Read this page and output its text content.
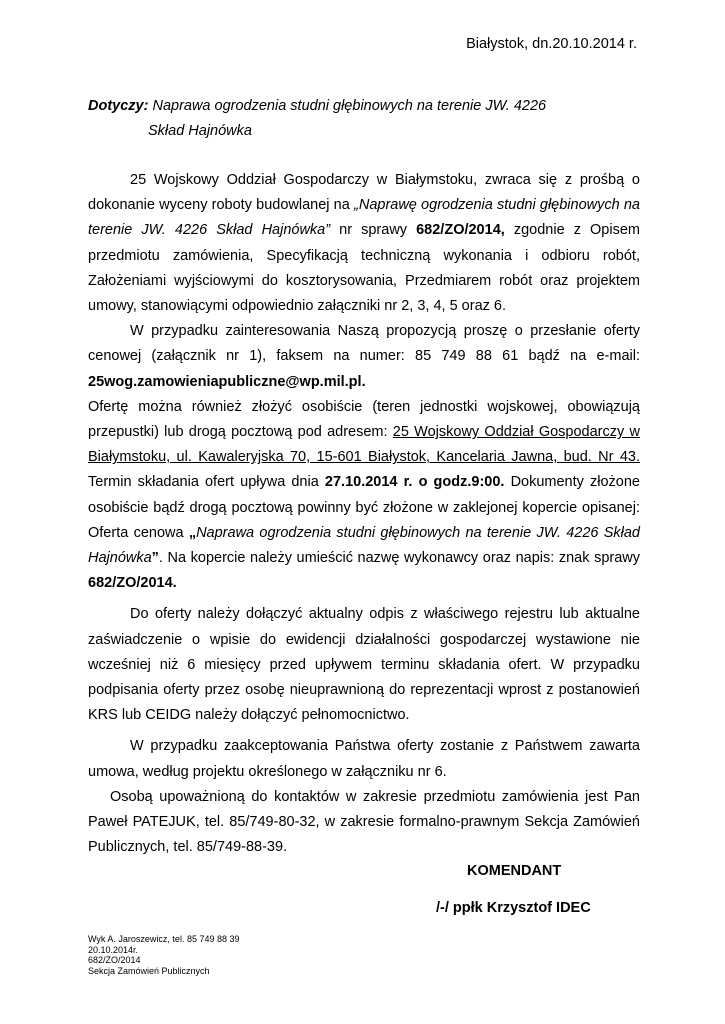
Białystok, dn.20.10.2014 r.
Dotyczy: Naprawa ogrodzenia studni głębinowych na terenie JW. 4226
Skład Hajnówka

25 Wojskowy Oddział Gospodarczy w Białymstoku, zwraca się z prośbą o dokonanie wyceny roboty budowlanej na „Naprawę ogrodzenia studni głębinowych na terenie JW. 4226 Skład Hajnówka” nr sprawy 682/ZO/2014, zgodnie z Opisem przedmiotu zamówienia, Specyfikacją techniczną wykonania i odbioru robót, Założeniami wyjściowymi do kosztorysowania, Przedmiarem robót oraz projektem umowy, stanowiącymi odpowiednio załączniki nr 2, 3, 4, 5 oraz 6.

W przypadku zainteresowania Naszą propozycją proszę o przesłanie oferty cenowej (załącznik nr 1), faksem na numer: 85 749 88 61 bądź na e-mail: 25wog.zamowieniapubliczne@wp.mil.pl.

Ofertę można również złożyć osobiście (teren jednostki wojskowej, obowiązują przepustki) lub drogą pocztową pod adresem: 25 Wojskowy Oddział Gospodarczy w Białymstoku, ul. Kawaleryjska 70, 15-601 Białystok, Kancelaria Jawna, bud. Nr 43. Termin składania ofert upływa dnia 27.10.2014 r. o godz.9:00. Dokumenty złożone osobiście bądź drogą pocztową powinny być złożone w zaklejonej kopercie opisanej: Oferta cenowa „Naprawa ogrodzenia studni głębinowych na terenie JW. 4226 Skład Hajnówka”. Na kopercie należy umieścić nazwę wykonawcy oraz napis: znak sprawy 682/ZO/2014.

Do oferty należy dołączyć aktualny odpis z właściwego rejestru lub aktualne zaświadczenie o wpisie do ewidencji działalności gospodarczej wystawione nie wcześniej niż 6 miesięcy przed upływem terminu składania ofert. W przypadku podpisania oferty przez osobę nieuprawnioną do reprezentacji wprost z postanowień KRS lub CEIDG należy dołączyć pełnomocnictwo.

W przypadku zaakceptowania Państwa oferty zostanie z Państwem zawarta umowa, według projektu określonego w załączniku nr 6.

Osobą upoważnioną do kontaktów w zakresie przedmiotu zamówienia jest Pan Paweł PATEJUK, tel. 85/749-80-32, w zakresie formalno-prawnym Sekcja Zamówień Publicznych, tel. 85/749-88-39.

KOMENDANT
/-/ ppłk Krzysztof IDEC
Wyk A. Jaroszewicz, tel. 85 749 88 39
20.10.2014r.
682/ZO/2014
Sekcja Zamówień Publicznych
